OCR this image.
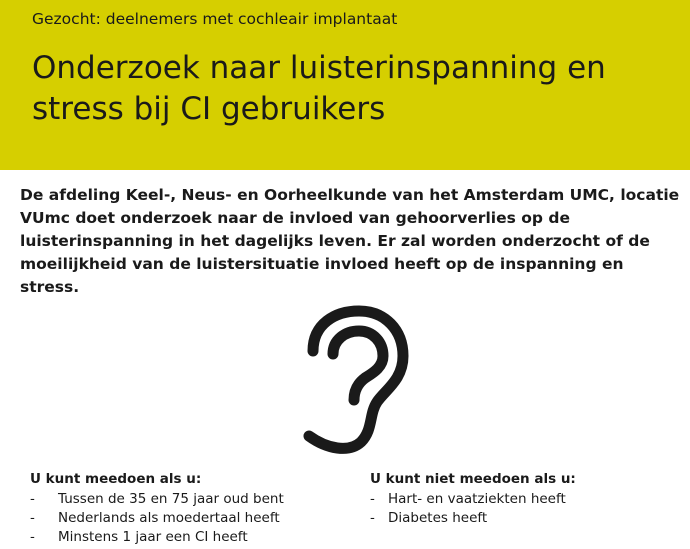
Gezocht: deelnemers met cochleair implantaat
Onderzoek naar luisterinspanning en stress bij CI gebruikers

De afdeling Keel-, Neus- en Oorheelkunde van het Amsterdam UMC, locatie VUmc doet onderzoek naar de invloed van gehoorverlies op de luisterinspanning in het dagelijks leven. Er zal worden onderzocht of de moeilijkheid van de luistersituatie invloed heeft op de inspanning en stress.

U kunt meedoen als u:
-	Tussen de 35 en 75 jaar oud bent
-	Nederlands als moedertaal heeft
-	Minstens 1 jaar een CI heeft
U kunt niet meedoen als u:
- Hart- en vaatziekten heeft
- Diabetes heeft
